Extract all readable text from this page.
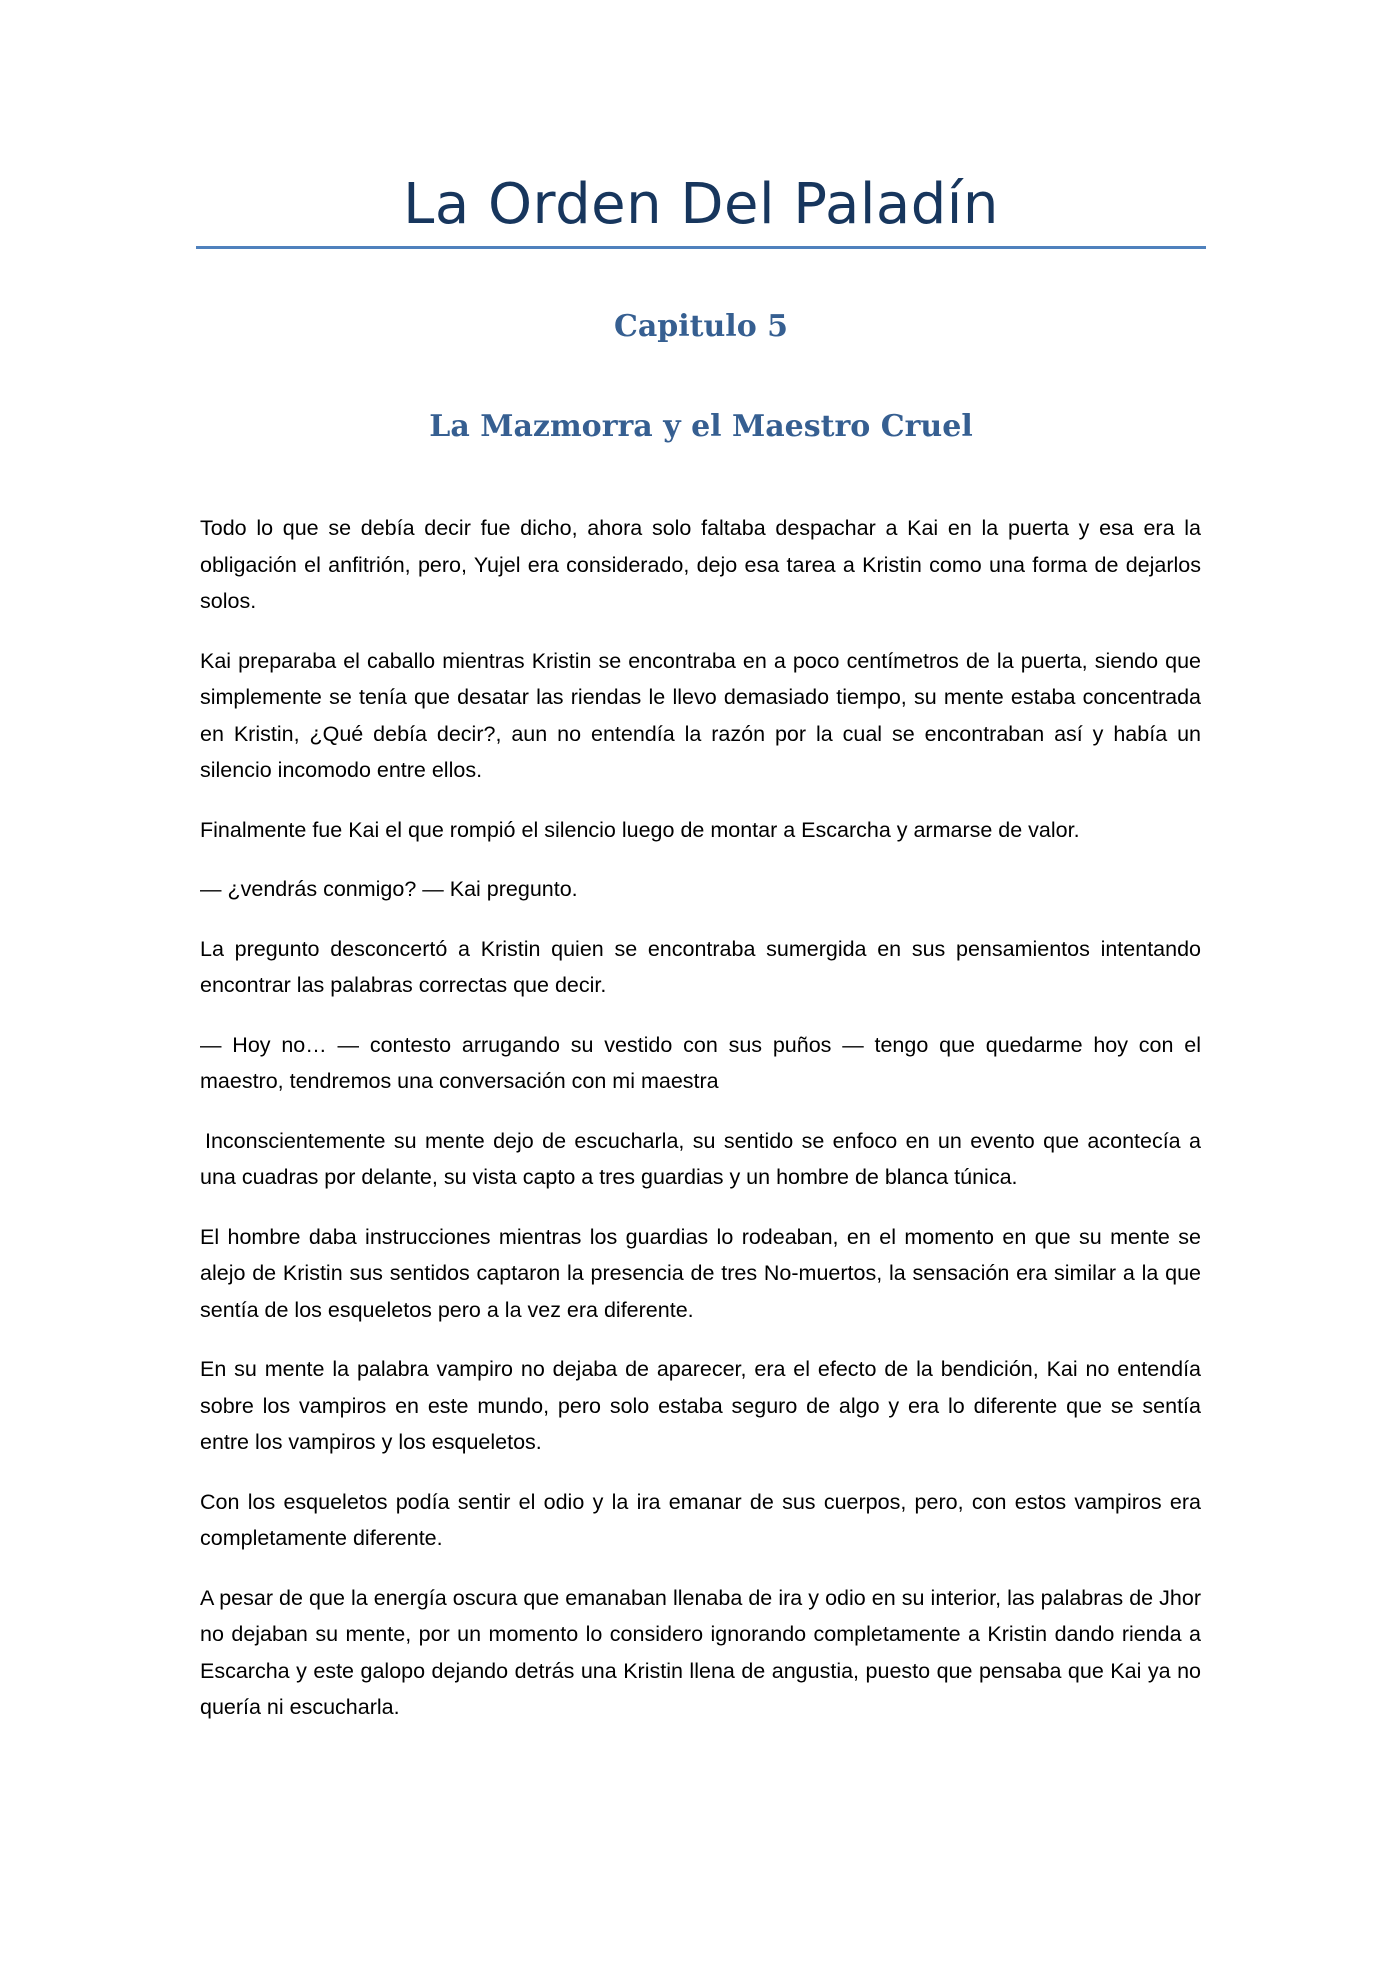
La Orden Del Paladín
Capitulo 5
La Mazmorra y el Maestro Cruel

Todo lo que se debía decir fue dicho, ahora solo faltaba despachar a Kai en la puerta y esa era la obligación el anfitrión, pero, Yujel era considerado, dejo esa tarea a Kristin como una forma de dejarlos solos.

Kai preparaba el caballo mientras Kristin se encontraba en a poco centímetros de la puerta, siendo que simplemente se tenía que desatar las riendas le llevo demasiado tiempo, su mente estaba concentrada en Kristin, ¿Qué debía decir?, aun no entendía la razón por la cual se encontraban así y había un silencio incomodo entre ellos.

Finalmente fue Kai el que rompió el silencio luego de montar a Escarcha y armarse de valor.

— ¿vendrás conmigo? — Kai pregunto.

La pregunto desconcertó a Kristin quien se encontraba sumergida en sus pensamientos intentando encontrar las palabras correctas que decir.

— Hoy no… — contesto arrugando su vestido con sus puños — tengo que quedarme hoy con el maestro, tendremos una conversación con mi maestra

Inconscientemente su mente dejo de escucharla, su sentido se enfoco en un evento que acontecía a una cuadras por delante, su vista capto a tres guardias y un hombre de blanca túnica.

El hombre daba instrucciones mientras los guardias lo rodeaban, en el momento en que su mente se alejo de Kristin sus sentidos captaron la presencia de tres No-muertos, la sensación era similar a la que sentía de los esqueletos pero a la vez era diferente.

En su mente la palabra vampiro no dejaba de aparecer, era el efecto de la bendición, Kai no entendía sobre los vampiros en este mundo, pero solo estaba seguro de algo y era lo diferente que se sentía entre los vampiros y los esqueletos.

Con los esqueletos podía sentir el odio y la ira emanar de sus cuerpos, pero, con estos vampiros era completamente diferente.

A pesar de que la energía oscura que emanaban llenaba de ira y odio en su interior, las palabras de Jhor no dejaban su mente, por un momento lo considero ignorando completamente a Kristin dando rienda a Escarcha y este galopo dejando detrás una Kristin llena de angustia, puesto que pensaba que Kai ya no quería ni escucharla.
